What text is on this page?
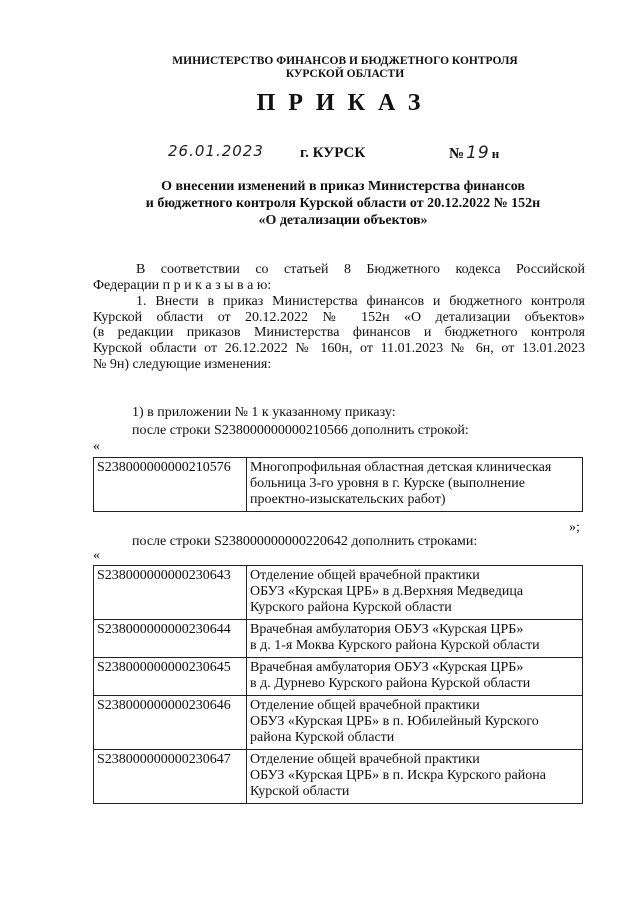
МИНИСТЕРСТВО ФИНАНСОВ И БЮДЖЕТНОГО КОНТРОЛЯ
КУРСКОЙ ОБЛАСТИ
ПРИКАЗ
26.01.2023 г. КУРСК	№ 19 н
О внесении изменений в приказ Министерства финансов
и бюджетного контроля Курской области от 20.12.2022 № 152н
«О детализации объектов»
В соответствии со статьей 8 Бюджетного кодекса Российской
Федерации п р и к а з ы в а ю:
1. Внести в приказ Министерства финансов и бюджетного контроля
Курской области от 20.12.2022 № 152н «О детализации объектов»
(в редакции приказов Министерства финансов и бюджетного контроля
Курской области от 26.12.2022 № 160н, от 11.01.2023 № 6н, от 13.01.2023
№ 9н) следующие изменения:
1) в приложении № 1 к указанному приказу:
после строки S238000000000210566 дополнить строкой:
«
S238000000000210576	Многопрофильная областная детская клиническая
больница 3-го уровня в г. Курске (выполнение
проектно-изыскательских работ)
»;
после строки S238000000000220642 дополнить строками:
«
S238000000000230643	Отделение общей врачебной практики
ОБУЗ «Курская ЦРБ» в д.Верхняя Медведица
Курского района Курской области

S238000000000230644	Врачебная амбулатория ОБУЗ «Курская ЦРБ»
в д. 1-я Моква Курского района Курской области

S238000000000230645	Врачебная амбулатория ОБУЗ «Курская ЦРБ»
в д. Дурнево Курского района Курской области

S238000000000230646	Отделение общей врачебной практики
ОБУЗ «Курская ЦРБ» в п. Юбилейный Курского
района Курской области

S238000000000230647	Отделение общей врачебной практики
ОБУЗ «Курская ЦРБ» в п. Искра Курского района
Курской области
